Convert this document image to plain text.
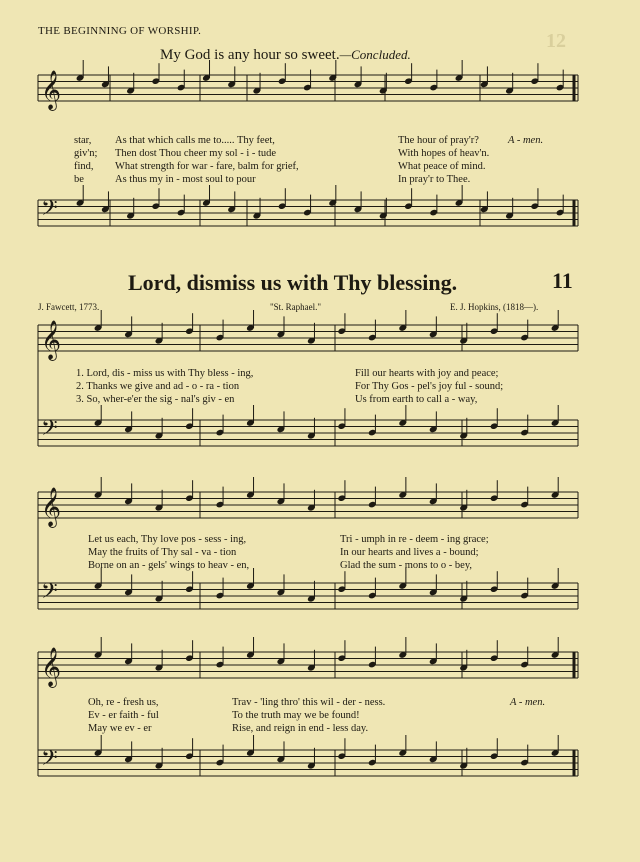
THE BEGINNING OF WORSHIP.	12
My God is any hour so sweet.—Concluded.
𝄞
𝄢
𝄞
𝄢
𝄞
𝄢
𝄞
𝄢
star, As that which calls me to..... Thy feet,	The hour of pray'r?	A - men.
giv'n; Then dost Thou cheer my sol - i - tude	With hopes of heav'n.
find, What strength for war - fare, balm for grief,	What peace of mind.
be	As thus my in - most soul to pour	In pray'r to Thee.
Lord, dismiss us with Thy blessing.	11
J. Fawcett, 1773.	"St. Raphael."	E. J. Hopkins, (1818—).
1. Lord, dis - miss us with Thy bless - ing,	Fill our hearts with joy and peace;
2. Thanks we give and ad - o - ra - tion	For Thy Gos - pel's joy ful - sound;
3. So, wher-e'er the sig - nal's giv - en	Us from earth to call a - way,
Let us each, Thy love pos - sess - ing,	Tri - umph in re - deem - ing grace;
May the fruits of Thy sal - va - tion	In our hearts and lives a - bound;
Borne on an - gels' wings to heav - en,	Glad the sum - mons to o - bey,
Oh, re - fresh us,	Trav - 'ling thro' this wil - der - ness.	A - men.
Ev - er faith - ful	To the truth may we be found!
May we ev - er	Rise, and reign in end - less day.
